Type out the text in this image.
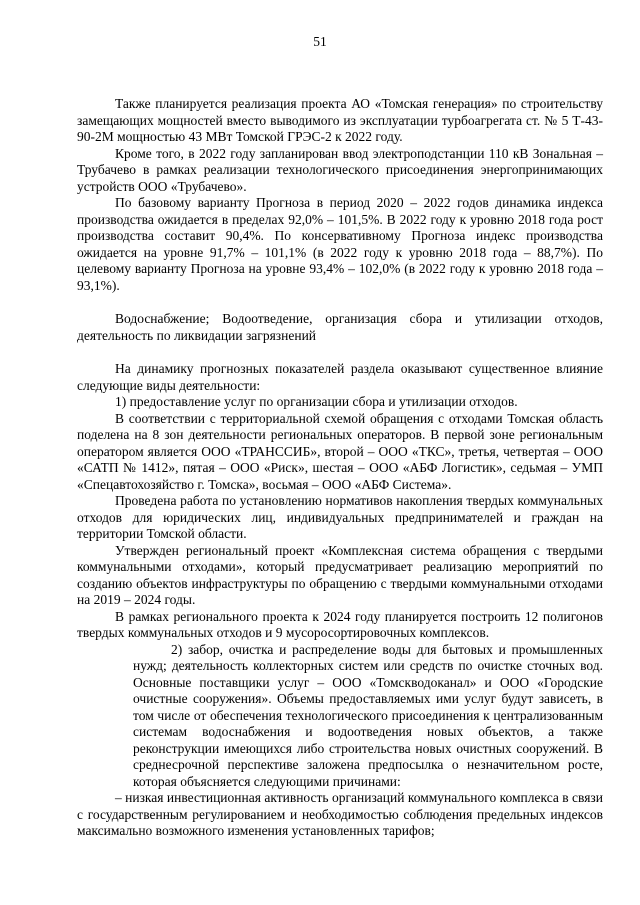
51

Также планируется реализация проекта АО «Томская генерация» по строительству замещающих мощностей вместо выводимого из эксплуатации турбоагрегата ст. № 5 Т-43-90-2М мощностью 43 МВт Томской ГРЭС-2 к 2022 году.

Кроме того, в 2022 году запланирован ввод электроподстанции 110 кВ Зональная – Трубачево в рамках реализации технологического присоединения энергопринимающих устройств ООО «Трубачево».

По базовому варианту Прогноза в период 2020 – 2022 годов динамика индекса производства ожидается в пределах 92,0% – 101,5%. В 2022 году к уровню 2018 года рост производства составит 90,4%. По консервативному Прогноза индекс производства ожидается на уровне 91,7% – 101,1% (в 2022 году к уровню 2018 года – 88,7%). По целевому варианту Прогноза на уровне 93,4% – 102,0% (в 2022 году к уровню 2018 года – 93,1%).

Водоснабжение; Водоотведение, организация сбора и утилизации отходов, деятельность по ликвидации загрязнений

На динамику прогнозных показателей раздела оказывают существенное влияние следующие виды деятельности:

1) предоставление услуг по организации сбора и утилизации отходов.

В соответствии с территориальной схемой обращения с отходами Томская область поделена на 8 зон деятельности региональных операторов. В первой зоне региональным оператором является ООО «ТРАНССИБ», второй – ООО «ТКС», третья, четвертая – ООО «САТП № 1412», пятая – ООО «Риск», шестая – ООО «АБФ Логистик», седьмая – УМП «Спецавтохозяйство г. Томска», восьмая – ООО «АБФ Система».

Проведена работа по установлению нормативов накопления твердых коммунальных отходов для юридических лиц, индивидуальных предпринимателей и граждан на территории Томской области.

Утвержден региональный проект «Комплексная система обращения с твердыми коммунальными отходами», который предусматривает реализацию мероприятий по созданию объектов инфраструктуры по обращению с твердыми коммунальными отходами на 2019 – 2024 годы.

В рамках регионального проекта к 2024 году планируется построить 12 полигонов твердых коммунальных отходов и 9 мусоросортировочных комплексов.

2) забор, очистка и распределение воды для бытовых и промышленных нужд; деятельность коллекторных систем или средств по очистке сточных вод. Основные поставщики услуг – ООО «Томскводоканал» и ООО «Городские очистные сооружения». Объемы предоставляемых ими услуг будут зависеть, в том числе от обеспечения технологического присоединения к централизованным системам водоснабжения и водоотведения новых объектов, а также реконструкции имеющихся либо строительства новых очистных сооружений. В среднесрочной перспективе заложена предпосылка о незначительном росте, которая объясняется следующими причинами:

– низкая инвестиционная активность организаций коммунального комплекса в связи с государственным регулированием и необходимостью соблюдения предельных индексов максимально возможного изменения установленных тарифов;
